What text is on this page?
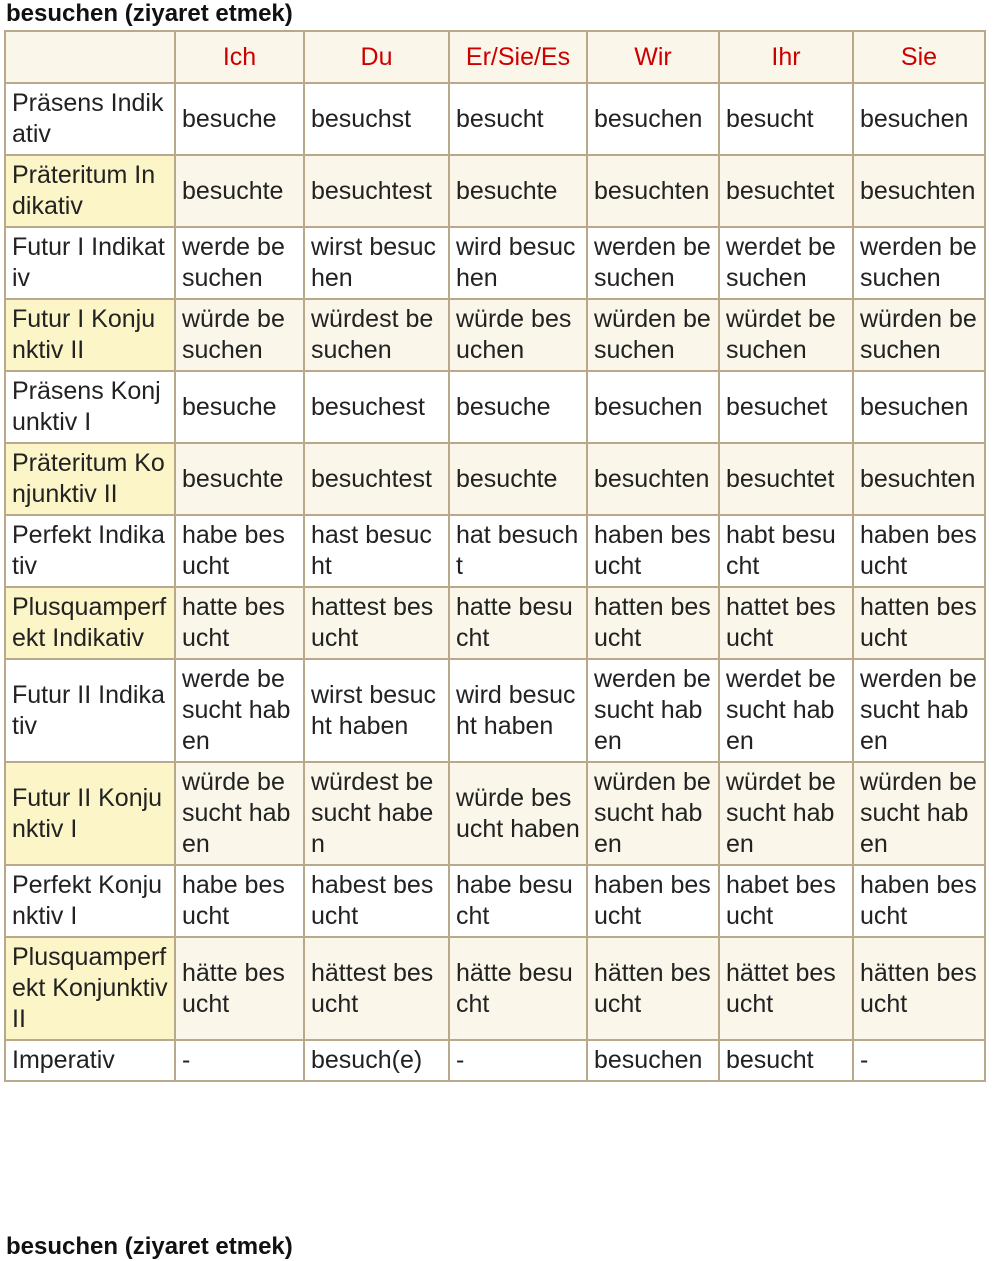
besuchen (ziyaret etmek)
	Ich	Du	Er/Sie/Es	Wir	Ihr	Sie
Präsens Indikativ	besuche	besuchst	besucht	besuchen	besucht	besuchen
Präteritum Indikativ	besuchte	besuchtest	besuchte	besuchten	besuchtet	besuchten
Futur I Indikativ	werde besuchen	wirst besuchen	wird besuchen	werden besuchen	werdet besuchen	werden besuchen
Futur I Konjunktiv II	würde besuchen	würdest besuchen	würde besuchen	würden besuchen	würdet besuchen	würden besuchen
Präsens Konjunktiv I	besuche	besuchest	besuche	besuchen	besuchet	besuchen
Präteritum Konjunktiv II	besuchte	besuchtest	besuchte	besuchten	besuchtet	besuchten
Perfekt Indikativ	habe besucht	hast besucht	hat besucht	haben besucht	habt besucht	haben besucht
Plusquamperfekt Indikativ	hatte besucht	hattest besucht	hatte besucht	hatten besucht	hattet besucht	hatten besucht
Futur II Indikativ	werde besucht haben	wirst besucht haben	wird besucht haben	werden besucht haben	werdet besucht haben	werden besucht haben
Futur II Konjunktiv I	würde besucht haben	würdest besucht haben	würde besucht haben	würden besucht haben	würdet besucht haben	würden besucht haben
Perfekt Konjunktiv I	habe besucht	habest besucht	habe besucht	haben besucht	habet besucht	haben besucht
Plusquamperfekt Konjunktiv II	hätte besucht	hättest besucht	hätte besucht	hätten besucht	hättet besucht	hätten besucht
Imperativ	-	besuch(e)	-	besuchen	besucht	-

besuchen (ziyaret etmek)
